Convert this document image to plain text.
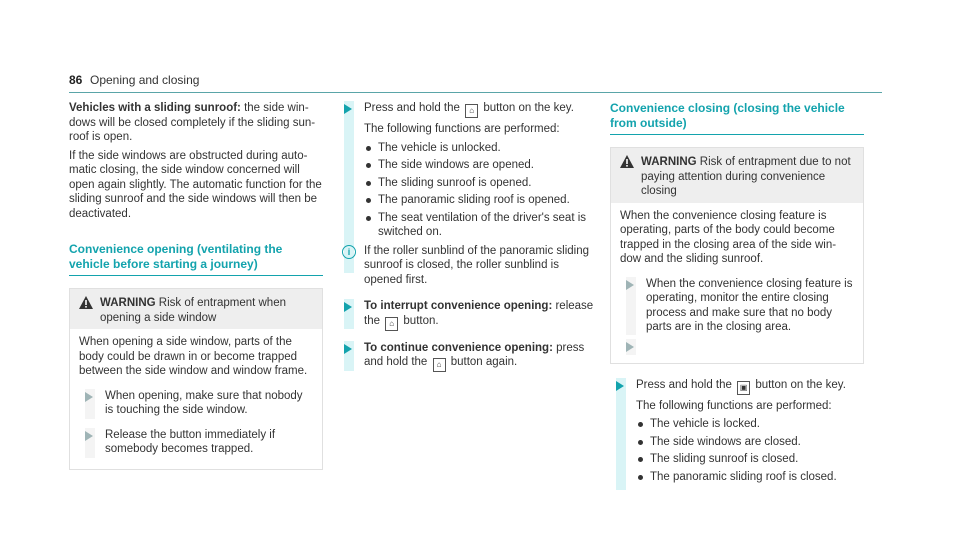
86 Opening and closing

Vehicles with a sliding sunroof: the side win-dows will be closed completely if the sliding sun-roof is open.

If the side windows are obstructed during auto-matic closing, the side window concerned will open again slightly. The automatic function for the sliding sunroof and the side windows will then be deactivated.

Convenience opening (ventilating the vehicle before starting a journey)

WARNING Risk of entrapment when opening a side window

When opening a side window, parts of the body could be drawn in or become trapped between the side window and window frame.

When opening, make sure that nobody is touching the side window.

Release the button immediately if somebody becomes trapped.

Press and hold the ⌂ button on the key.

The following functions are performed:

The vehicle is unlocked.
The side windows are opened.
The sliding sunroof is opened.
The panoramic sliding roof is opened.
The seat ventilation of the driver's seat is switched on.
i	If the roller sunblind of the panoramic sliding sunroof is closed, the roller sunblind is opened first.

To interrupt convenience opening: release the ⌂ button.

To continue convenience opening: press and hold the ⌂ button again.

Convenience closing (closing the vehicle from outside)

WARNING Risk of entrapment due to not paying attention during convenience closing

When the convenience closing feature is operating, parts of the body could become trapped in the closing area of the side win-dow and the sliding sunroof.

When the convenience closing feature is operating, monitor the entire closing process and make sure that no body parts are in the closing area.

Press and hold the ▣ button on the key.

The following functions are performed:

The vehicle is locked.
The side windows are closed.
The sliding sunroof is closed.
The panoramic sliding roof is closed.
